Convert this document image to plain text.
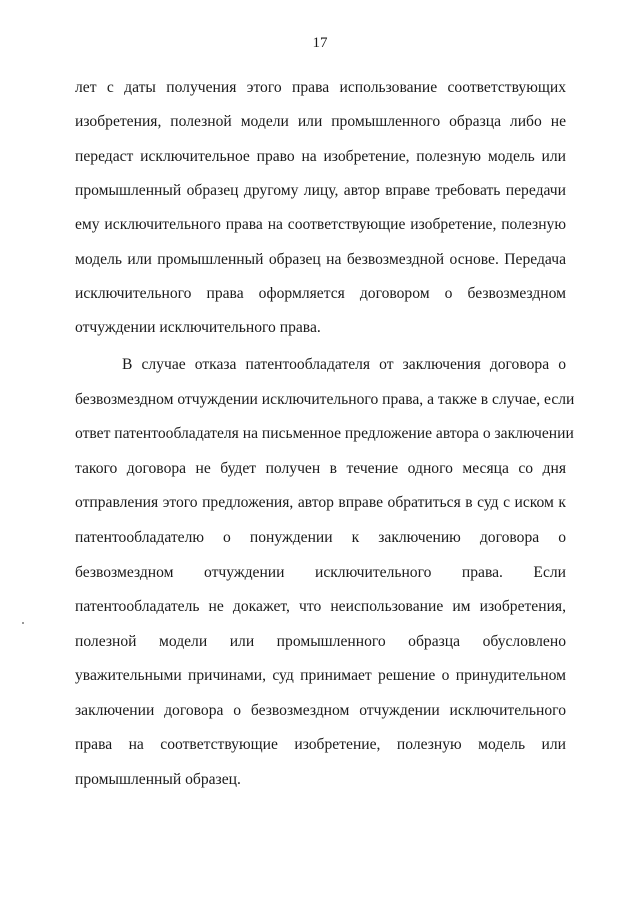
17
лет с даты получения этого права использование соответствующих
изобретения, полезной модели или промышленного образца либо не
передаст исключительное право на изобретение, полезную модель или
промышленный образец другому лицу, автор вправе требовать передачи
ему исключительного права на соответствующие изобретение, полезную
модель или промышленный образец на безвозмездной основе. Передача
исключительного права оформляется договором о безвозмездном
отчуждении исключительного права.
В случае отказа патентообладателя от заключения договора о
безвозмездном отчуждении исключительного права, а также в случае, если
ответ патентообладателя на письменное предложение автора о заключении
такого договора не будет получен в течение одного месяца со дня
отправления этого предложения, автор вправе обратиться в суд с иском к
патентообладателю о понуждении к заключению договора о
безвозмездном отчуждении исключительного права. Если
патентообладатель не докажет, что неиспользование им изобретения,
полезной модели или промышленного образца обусловлено
уважительными причинами, суд принимает решение о принудительном
заключении договора о безвозмездном отчуждении исключительного
права на соответствующие изобретение, полезную модель или
промышленный образец.
